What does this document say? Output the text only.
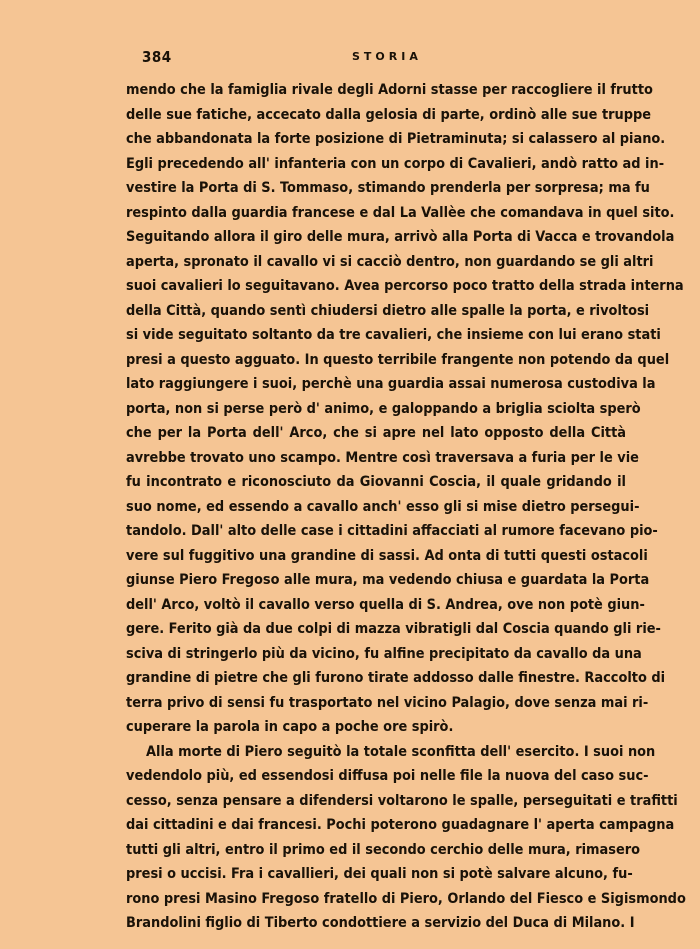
384	STORIA
mendo che la famiglia rivale degli Adorni stasse per raccogliere il frutto
delle sue fatiche, accecato dalla gelosia di parte, ordinò alle sue truppe
che abbandonata la forte posizione di Pietraminuta; si calassero al piano.
Egli precedendo all' infanteria con un corpo di Cavalieri, andò ratto ad in-
vestire la Porta di S. Tommaso, stimando prenderla per sorpresa; ma fu
respinto dalla guardia francese e dal La Vallèe che comandava in quel sito.
Seguitando allora il giro delle mura, arrivò alla Porta di Vacca e trovandola
aperta, spronato il cavallo vi si cacciò dentro, non guardando se gli altri
suoi cavalieri lo seguitavano. Avea percorso poco tratto della strada interna
della Città, quando sentì chiudersi dietro alle spalle la porta, e rivoltosi
si vide seguitato soltanto da tre cavalieri, che insieme con lui erano stati
presi a questo agguato. In questo terribile frangente non potendo da quel
lato raggiungere i suoi, perchè una guardia assai numerosa custodiva la
porta, non si perse però d' animo, e galoppando a briglia sciolta sperò
che per la Porta dell' Arco, che si apre nel lato opposto della Città
avrebbe trovato uno scampo. Mentre così traversava a furia per le vie
fu incontrato e riconosciuto da Giovanni Coscia, il quale gridando il
suo nome, ed essendo a cavallo anch' esso gli si mise dietro persegui-
tandolo. Dall' alto delle case i cittadini affacciati al rumore facevano pio-
vere sul fuggitivo una grandine di sassi. Ad onta di tutti questi ostacoli
giunse Piero Fregoso alle mura, ma vedendo chiusa e guardata la Porta
dell' Arco, voltò il cavallo verso quella di S. Andrea, ove non potè giun-
gere. Ferito già da due colpi di mazza vibratigli dal Coscia quando gli rie-
sciva di stringerlo più da vicino, fu alfine precipitato da cavallo da una
grandine di pietre che gli furono tirate addosso dalle finestre. Raccolto di
terra privo di sensi fu trasportato nel vicino Palagio, dove senza mai ri-
cuperare la parola in capo a poche ore spirò.
Alla morte di Piero seguitò la totale sconfitta dell' esercito. I suoi non
vedendolo più, ed essendosi diffusa poi nelle file la nuova del caso suc-
cesso, senza pensare a difendersi voltarono le spalle, perseguitati e trafitti
dai cittadini e dai francesi. Pochi poterono guadagnare l' aperta campagna
tutti gli altri, entro il primo ed il secondo cerchio delle mura, rimasero
presi o uccisi. Fra i cavallieri, dei quali non si potè salvare alcuno, fu-
rono presi Masino Fregoso fratello di Piero, Orlando del Fiesco e Sigismondo
Brandolini figlio di Tiberto condottiere a servizio del Duca di Milano. I
